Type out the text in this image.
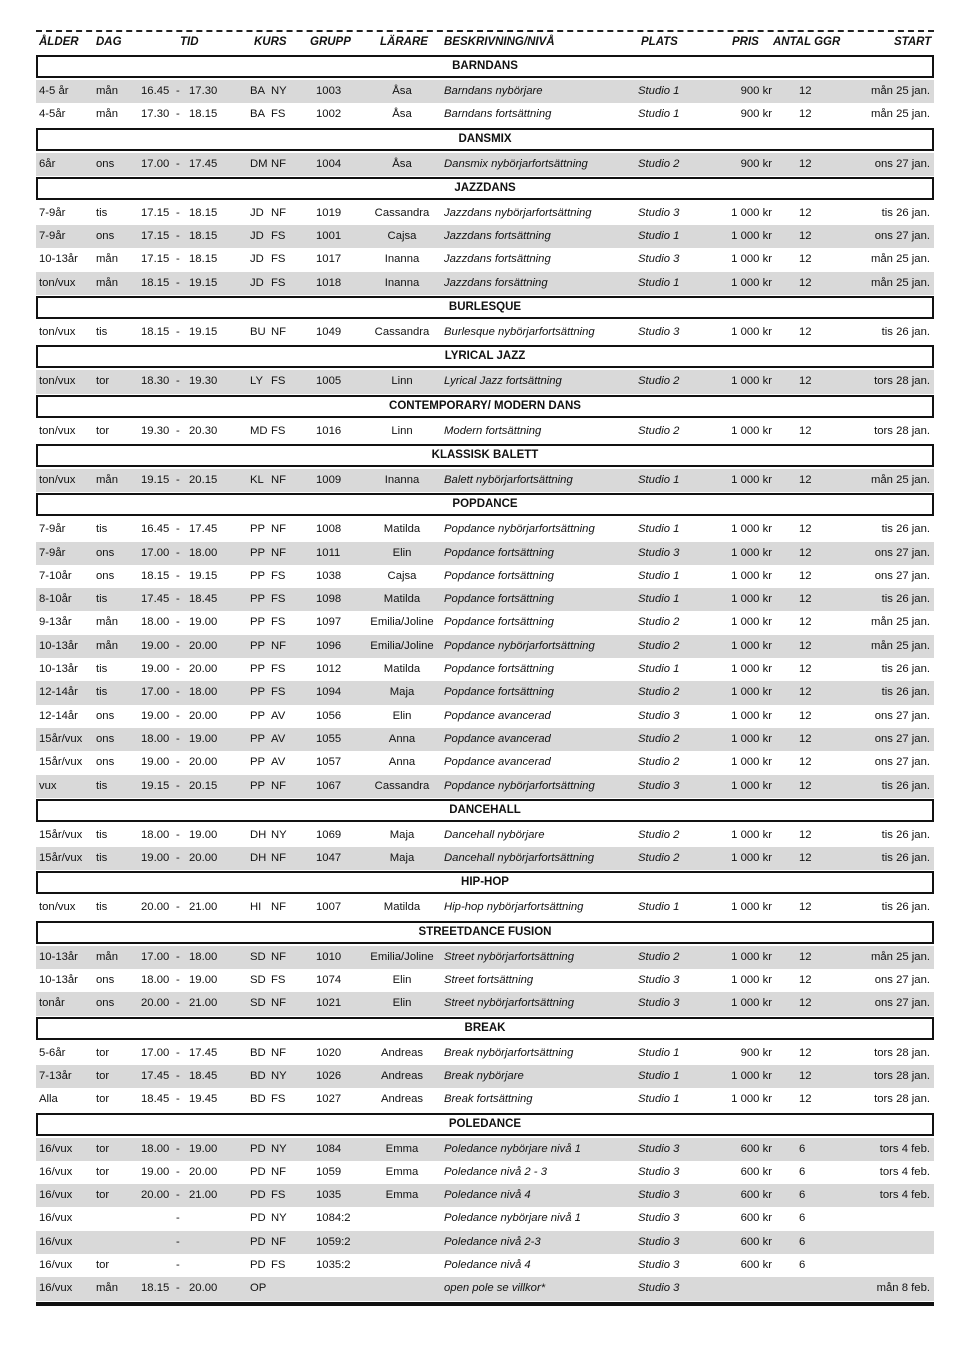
ÅLDER DAG	TID	KURS GRUPP	LÄRARE BESKRIVNING/NIVÅ	PLATS	PRIS ANTAL GGR	START
BARNDANS
4-5 år mån 16.45 - 17.30	BA NY	1003	Åsa	Barndans nybörjare	Studio 1	900 kr 12	mån 25 jan.
4-5år	mån 17.30 - 18.15	BA FS	1002	Åsa	Barndans fortsättning	Studio 1	900 kr 12	mån 25 jan.
DANSMIX
6år	ons 17.00 - 17.45	DM NF	1004	Åsa	Dansmix nybörjarfortsättning	Studio 2	900 kr 12	ons 27 jan.
JAZZDANS
7-9år	tis	17.15 - 18.15	JD NF	1019	Cassandra	Jazzdans nybörjarfortsättning	Studio 3	1 000 kr 12	tis 26 jan.
7-9år	ons 17.15 - 18.15	JD FS	1001	Cajsa	Jazzdans fortsättning	Studio 1	1 000 kr 12	ons 27 jan.
10-13år mån 17.15 - 18.15	JD FS	1017	Inanna	Jazzdans fortsättning	Studio 3	1 000 kr 12	mån 25 jan.
ton/vux mån 18.15 - 19.15	JD FS	1018	Inanna	Jazzdans forsättning	Studio 1	1 000 kr 12	mån 25 jan.
BURLESQUE
ton/vux tis	18.15 - 19.15	BU NF	1049	Cassandra	Burlesque nybörjarfortsättning	Studio 3	1 000 kr 12	tis 26 jan.
LYRICAL JAZZ
ton/vux tor	18.30 - 19.30	LY FS	1005	Linn	Lyrical Jazz fortsättning	Studio 2	1 000 kr 12	tors 28 jan.
CONTEMPORARY/ MODERN DANS
ton/vux tor	19.30 - 20.30	MD FS	1016	Linn	Modern fortsättning	Studio 2	1 000 kr 12	tors 28 jan.
KLASSISK BALETT
ton/vux mån 19.15 - 20.15	KL NF	1009	Inanna	Balett nybörjarfortsättning	Studio 1	1 000 kr 12	mån 25 jan.
POPDANCE
7-9år	tis	16.45 - 17.45	PP NF	1008	Matilda	Popdance nybörjarfortsättning	Studio 1	1 000 kr 12	tis 26 jan.
7-9år	ons 17.00 - 18.00	PP NF	1011	Elin	Popdance fortsättning	Studio 3	1 000 kr 12	ons 27 jan.
7-10år ons 18.15 - 19.15	PP FS	1038	Cajsa	Popdance fortsättning	Studio 1	1 000 kr 12	ons 27 jan.
8-10år tis	17.45 - 18.45	PP FS	1098	Matilda	Popdance fortsättning	Studio 1	1 000 kr 12	tis 26 jan.
9-13år mån 18.00 - 19.00	PP FS	1097	Emilia/Joline Popdance fortsättning	Studio 2	1 000 kr 12	mån 25 jan.
10-13år mån 19.00 - 20.00	PP NF	1096	Emilia/Joline Popdance nybörjarfortsättning	Studio 2	1 000 kr 12	mån 25 jan.
10-13år tis	19.00 - 20.00	PP FS	1012	Matilda	Popdance fortsättning	Studio 1	1 000 kr 12	tis 26 jan.
12-14år tis	17.00 - 18.00	PP FS	1094	Maja	Popdance fortsättning	Studio 2	1 000 kr 12	tis 26 jan.
12-14år ons 19.00 - 20.00	PP AV	1056	Elin	Popdance avancerad	Studio 3	1 000 kr 12	ons 27 jan.
15år/vux ons 18.00 - 19.00	PP AV	1055	Anna	Popdance avancerad	Studio 2	1 000 kr 12	ons 27 jan.
15år/vux ons 19.00 - 20.00	PP AV	1057	Anna	Popdance avancerad	Studio 2	1 000 kr 12	ons 27 jan.
vux	tis	19.15 - 20.15	PP NF	1067	Cassandra	Popdance nybörjarfortsättning	Studio 3	1 000 kr 12	tis 26 jan.
DANCEHALL
15år/vux tis	18.00 - 19.00	DH NY	1069	Maja	Dancehall nybörjare	Studio 2	1 000 kr 12	tis 26 jan.
15år/vux tis	19.00 - 20.00	DH NF	1047	Maja	Dancehall nybörjarfortsättning	Studio 2	1 000 kr 12	tis 26 jan.
HIP-HOP
ton/vux tis	20.00 - 21.00	HI NF	1007	Matilda	Hip-hop nybörjarfortsättning	Studio 1	1 000 kr 12	tis 26 jan.
STREETDANCE FUSION
10-13år mån 17.00 - 18.00	SD NF	1010	Emilia/Joline Street nybörjarfortsättning	Studio 2	1 000 kr 12	mån 25 jan.
10-13år ons 18.00 - 19.00	SD FS	1074	Elin	Street fortsättning	Studio 3	1 000 kr 12	ons 27 jan.
tonår	ons 20.00 - 21.00	SD NF	1021	Elin	Street nybörjarfortsättning	Studio 3	1 000 kr 12	ons 27 jan.
BREAK
5-6år	tor	17.00 - 17.45	BD NF	1020	Andreas	Break nybörjarfortsättning	Studio 1	900 kr 12	tors 28 jan.
7-13år tor	17.45 - 18.45	BD NY	1026	Andreas	Break nybörjare	Studio 1	1 000 kr 12	tors 28 jan.
Alla	tor	18.45 - 19.45	BD FS	1027	Andreas	Break fortsättning	Studio 1	1 000 kr 12	tors 28 jan.
POLEDANCE
16/vux tor	18.00 - 19.00	PD NY	1084	Emma	Poledance nybörjare nivå 1	Studio 3	600 kr 6	tors 4 feb.
16/vux tor	19.00 - 20.00	PD NF	1059	Emma	Poledance nivå 2 - 3	Studio 3	600 kr 6	tors 4 feb.
16/vux tor	20.00 - 21.00	PD FS	1035	Emma	Poledance nivå 4	Studio 3	600 kr 6	tors 4 feb.
16/vux	-	PD NY	1084:2	Poledance nybörjare nivå 1	Studio 3	600 kr 6
16/vux	-	PD NF	1059:2	Poledance nivå 2-3	Studio 3	600 kr 6
16/vux tor	-	PD FS	1035:2	Poledance nivå 4	Studio 3	600 kr 6
16/vux mån 18.15 - 20.00	OP	open pole se villkor*	Studio 3	mån 8 feb.
